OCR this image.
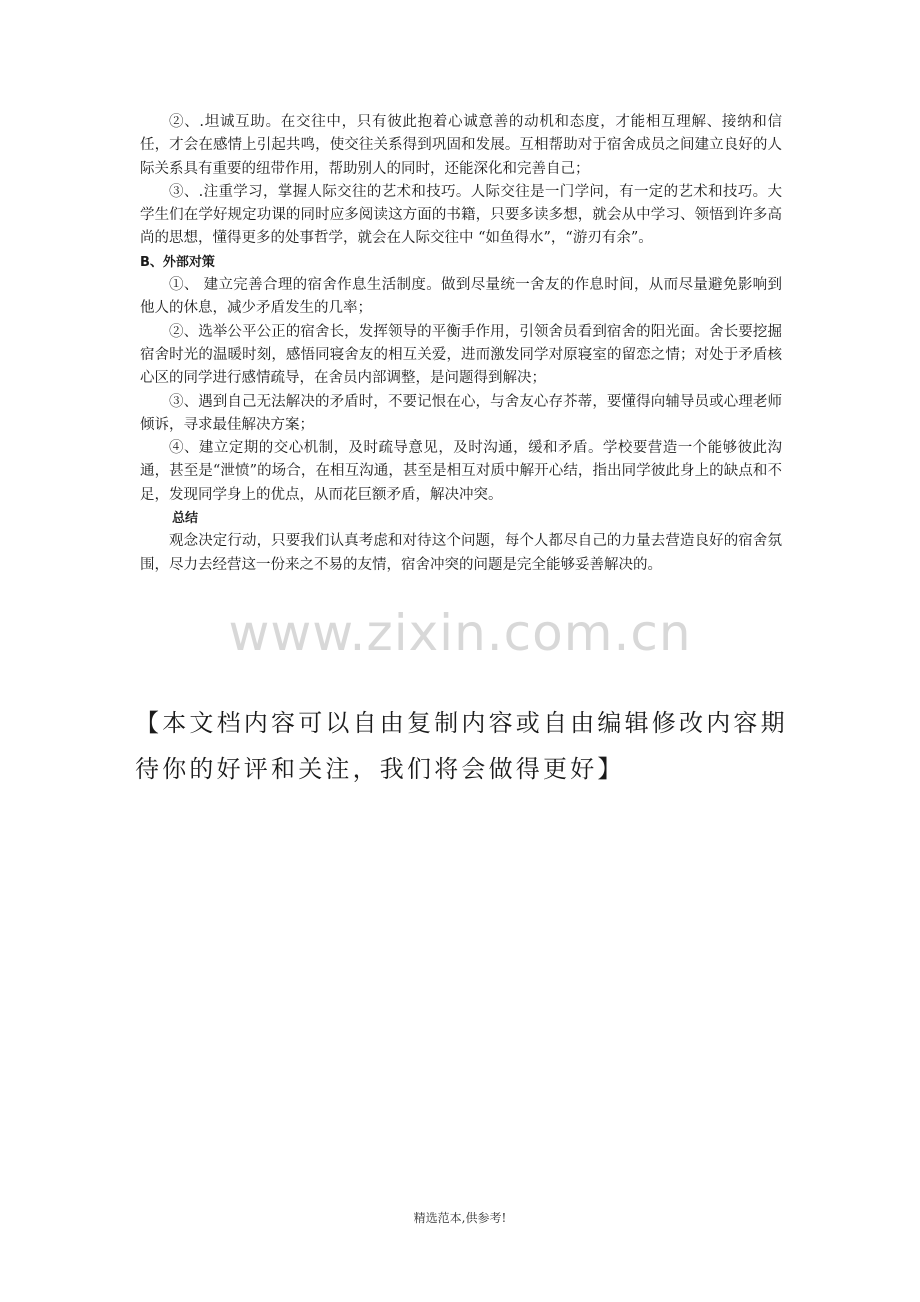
②、.坦诚互助。在交往中，只有彼此抱着心诚意善的动机和态度，才能相互理解、接纳和信任，才会在感情上引起共鸣，使交往关系得到巩固和发展。互相帮助对于宿舍成员之间建立良好的人际关系具有重要的纽带作用，帮助别人的同时，还能深化和完善自己；

③、.注重学习，掌握人际交往的艺术和技巧。人际交往是一门学问，有一定的艺术和技巧。大学生们在学好规定功课的同时应多阅读这方面的书籍，只要多读多想，就会从中学习、领悟到许多高尚的思想，懂得更多的处事哲学，就会在人际交往中 “如鱼得水”，“游刃有余”。

B、外部对策

①、 建立完善合理的宿舍作息生活制度。做到尽量统一舍友的作息时间，从而尽量避免影响到他人的休息，减少矛盾发生的几率；

②、选举公平公正的宿舍长，发挥领导的平衡手作用，引领舍员看到宿舍的阳光面。舍长要挖掘宿舍时光的温暖时刻，感悟同寝舍友的相互关爱，进而激发同学对原寝室的留恋之情；对处于矛盾核心区的同学进行感情疏导，在舍员内部调整，是问题得到解决；

③、遇到自己无法解决的矛盾时，不要记恨在心，与舍友心存芥蒂，要懂得向辅导员或心理老师倾诉，寻求最佳解决方案；

④、建立定期的交心机制，及时疏导意见，及时沟通，缓和矛盾。学校要营造一个能够彼此沟通，甚至是“泄愤”的场合，在相互沟通，甚至是相互对质中解开心结，指出同学彼此身上的缺点和不足，发现同学身上的优点，从而花巨额矛盾，解决冲突。

总结

观念决定行动，只要我们认真考虑和对待这个问题，每个人都尽自己的力量去营造良好的宿舍氛围，尽力去经营这一份来之不易的友情，宿舍冲突的问题是完全能够妥善解决的。

www.zixin.com.cn
【本文档内容可以自由复制内容或自由编辑修改内容期待你的好评和关注，我们将会做得更好】
精选范本,供参考!
